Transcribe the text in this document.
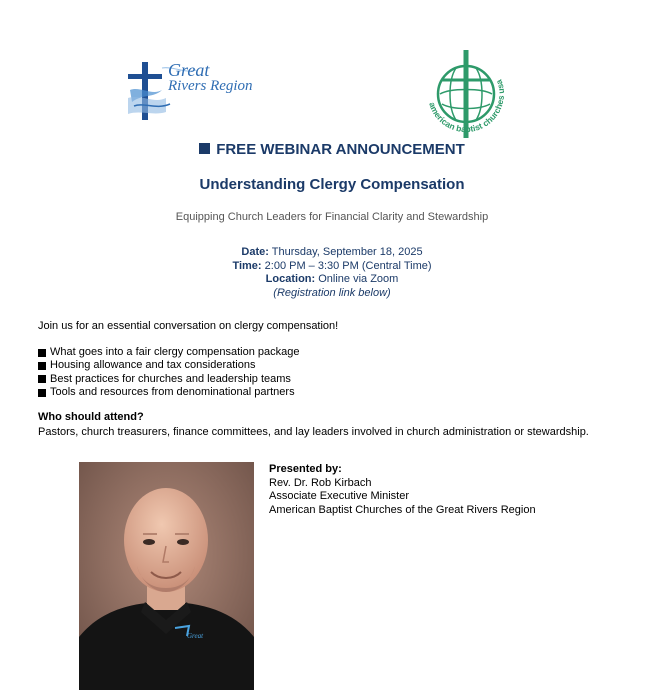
Great
Rivers Region
american baptist churches usa
FREE WEBINAR ANNOUNCEMENT
Understanding Clergy Compensation
Equipping Church Leaders for Financial Clarity and Stewardship
Date: Thursday, September 18, 2025
Time: 2:00 PM – 3:30 PM (Central Time)
Location: Online via Zoom
(Registration link below)
Join us for an essential conversation on clergy compensation!
What goes into a fair clergy compensation package
Housing allowance and tax considerations
Best practices for churches and leadership teams
Tools and resources from denominational partners
Who should attend?
Pastors, church treasurers, finance committees, and lay leaders involved in church administration or stewardship.
Great
Presented by:
Rev. Dr. Rob Kirbach
Associate Executive Minister
American Baptist Churches of the Great Rivers Region
